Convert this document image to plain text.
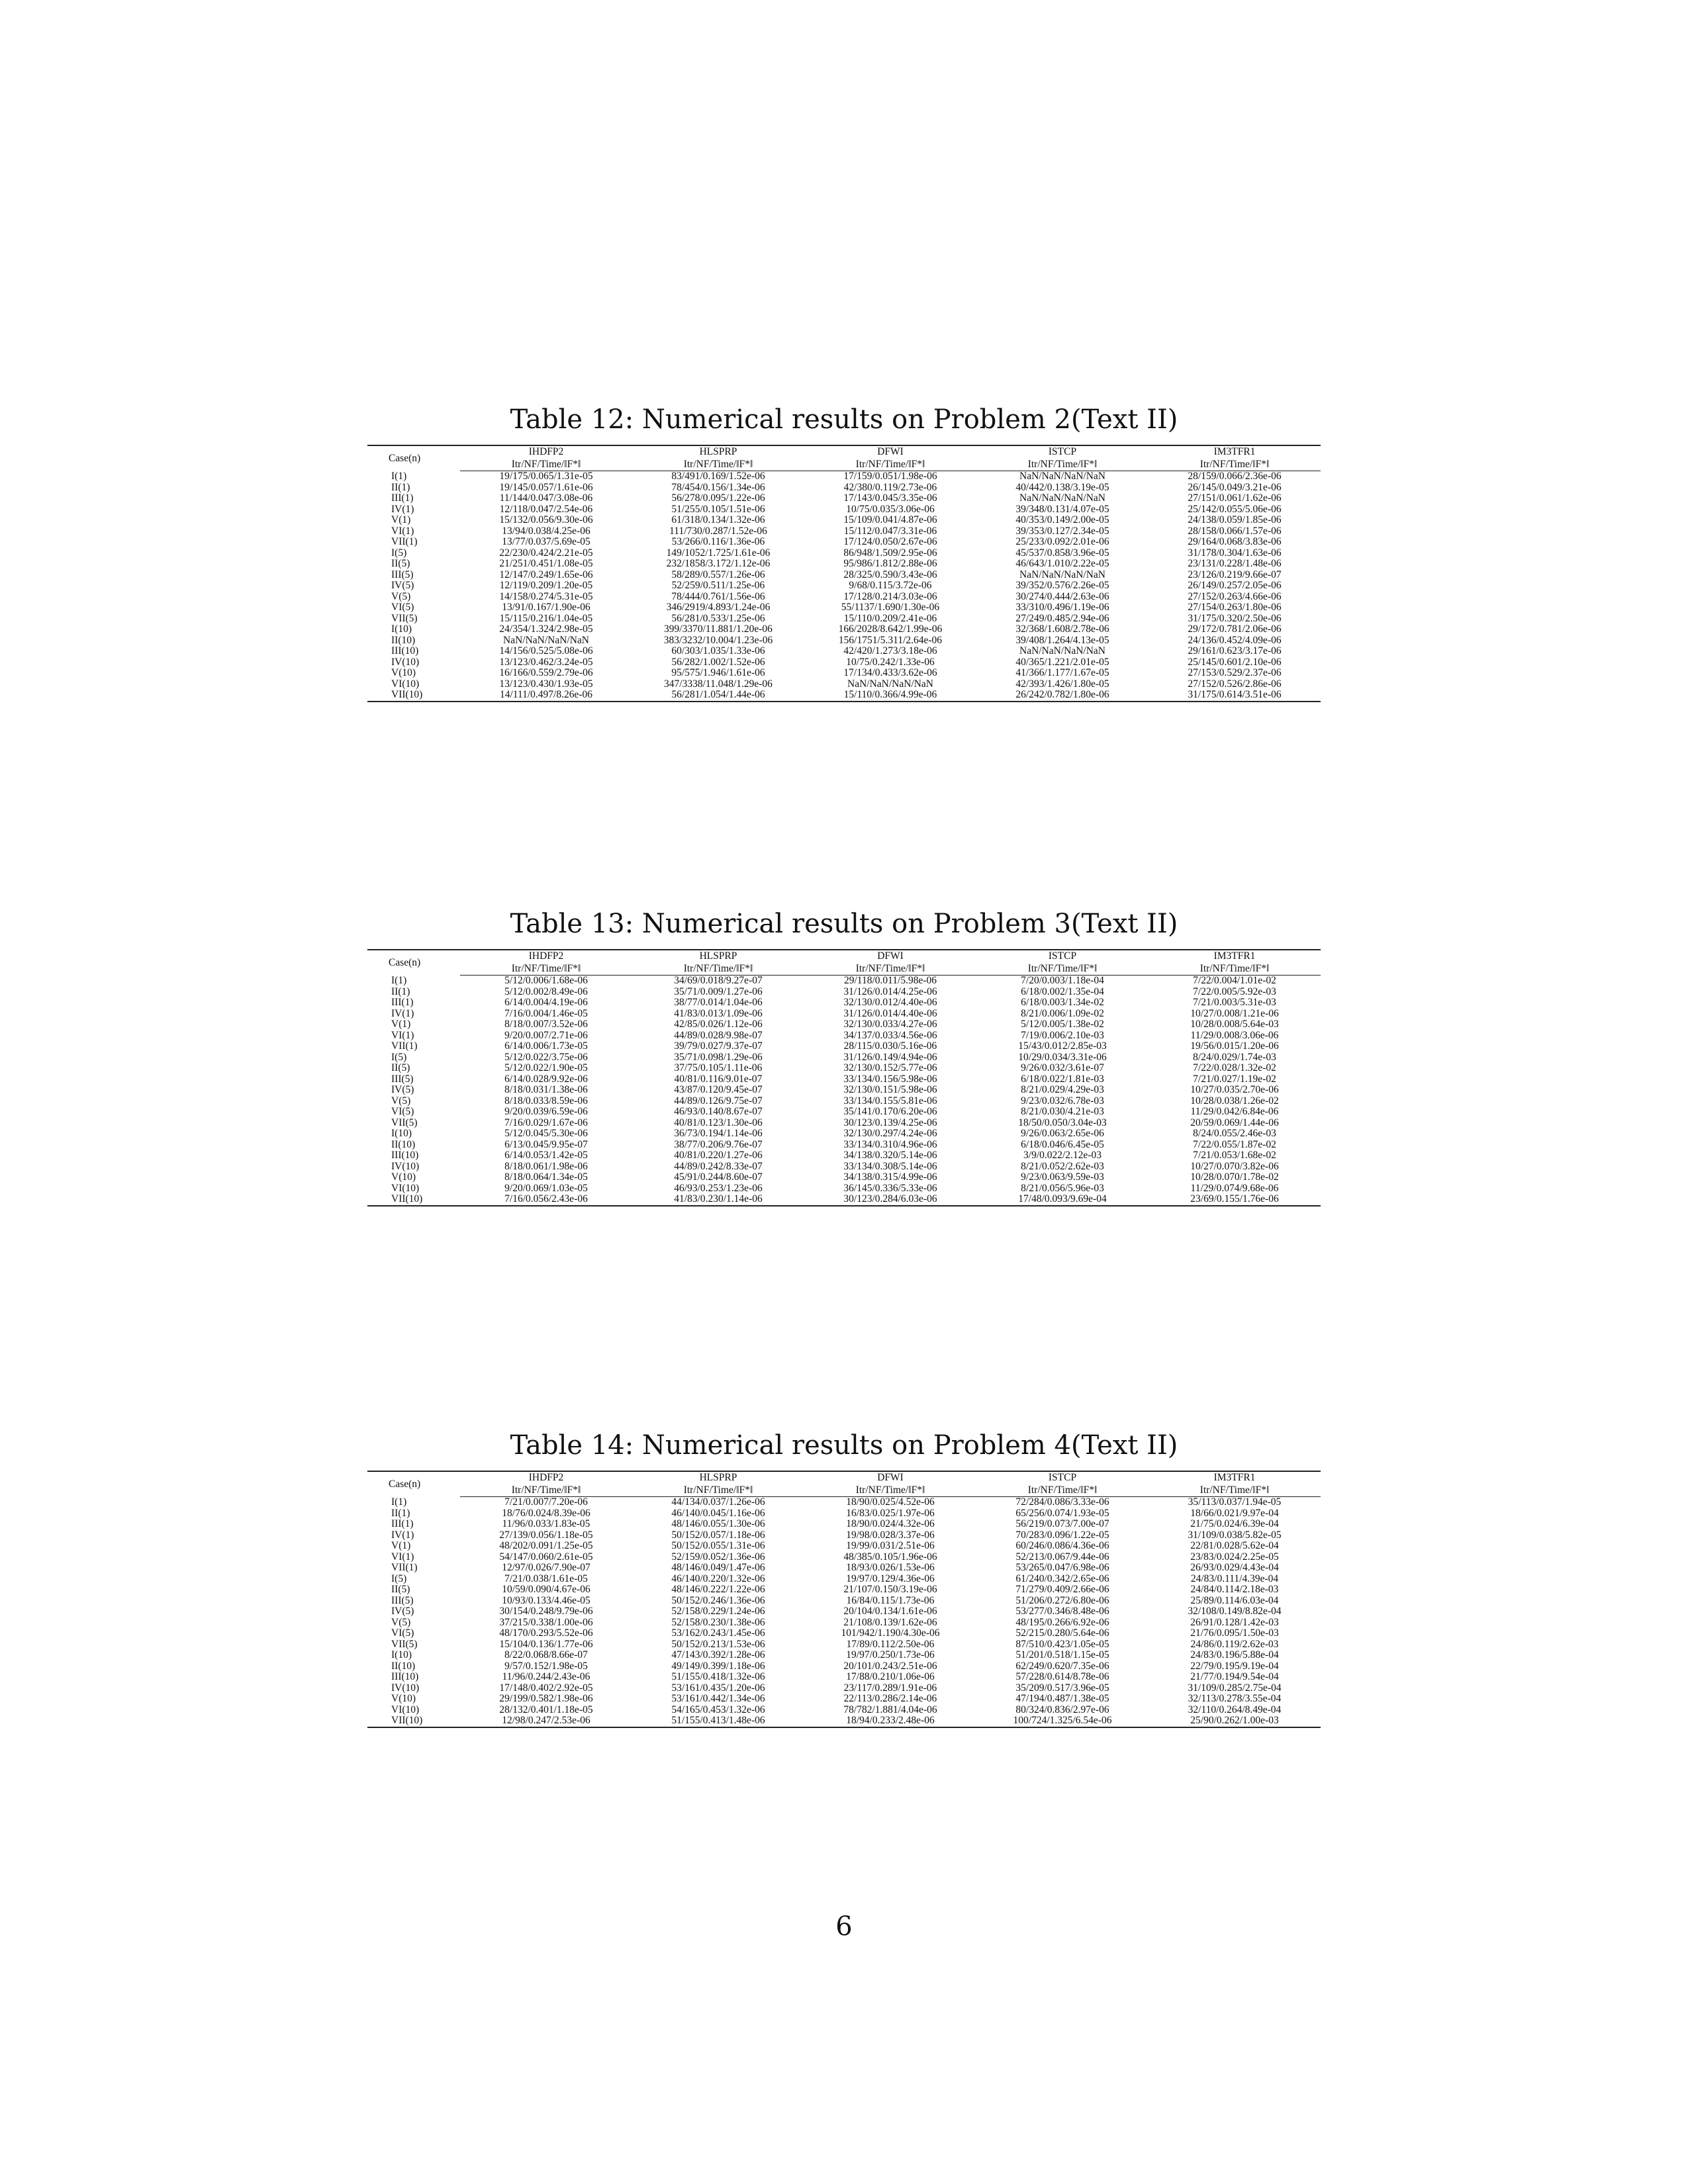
Table 12: Numerical results on Problem 2(Text II)
Case(n)	IHDFP2	HLSPRP	DFWI	ISTCP	IM3TFR1
	Itr/NF/Time/‖F*‖	Itr/NF/Time/‖F*‖	Itr/NF/Time/‖F*‖	Itr/NF/Time/‖F*‖	Itr/NF/Time/‖F*‖
I(1)	19/175/0.065/1.31e-05	83/491/0.169/1.52e-06	17/159/0.051/1.98e-06	NaN/NaN/NaN/NaN	28/159/0.066/2.36e-06
II(1)	19/145/0.057/1.61e-06	78/454/0.156/1.34e-06	42/380/0.119/2.73e-06	40/442/0.138/3.19e-05	26/145/0.049/3.21e-06
III(1)	11/144/0.047/3.08e-06	56/278/0.095/1.22e-06	17/143/0.045/3.35e-06	NaN/NaN/NaN/NaN	27/151/0.061/1.62e-06
IV(1)	12/118/0.047/2.54e-06	51/255/0.105/1.51e-06	10/75/0.035/3.06e-06	39/348/0.131/4.07e-05	25/142/0.055/5.06e-06
V(1)	15/132/0.056/9.30e-06	61/318/0.134/1.32e-06	15/109/0.041/4.87e-06	40/353/0.149/2.00e-05	24/138/0.059/1.85e-06
VI(1)	13/94/0.038/4.25e-06	111/730/0.287/1.52e-06	15/112/0.047/3.31e-06	39/353/0.127/2.34e-05	28/158/0.066/1.57e-06
VII(1)	13/77/0.037/5.69e-05	53/266/0.116/1.36e-06	17/124/0.050/2.67e-06	25/233/0.092/2.01e-06	29/164/0.068/3.83e-06
I(5)	22/230/0.424/2.21e-05	149/1052/1.725/1.61e-06	86/948/1.509/2.95e-06	45/537/0.858/3.96e-05	31/178/0.304/1.63e-06
II(5)	21/251/0.451/1.08e-05	232/1858/3.172/1.12e-06	95/986/1.812/2.88e-06	46/643/1.010/2.22e-05	23/131/0.228/1.48e-06
III(5)	12/147/0.249/1.65e-06	58/289/0.557/1.26e-06	28/325/0.590/3.43e-06	NaN/NaN/NaN/NaN	23/126/0.219/9.66e-07
IV(5)	12/119/0.209/1.20e-05	52/259/0.511/1.25e-06	9/68/0.115/3.72e-06	39/352/0.576/2.26e-05	26/149/0.257/2.05e-06
V(5)	14/158/0.274/5.31e-05	78/444/0.761/1.56e-06	17/128/0.214/3.03e-06	30/274/0.444/2.63e-06	27/152/0.263/4.66e-06
VI(5)	13/91/0.167/1.90e-06	346/2919/4.893/1.24e-06	55/1137/1.690/1.30e-06	33/310/0.496/1.19e-06	27/154/0.263/1.80e-06
VII(5)	15/115/0.216/1.04e-05	56/281/0.533/1.25e-06	15/110/0.209/2.41e-06	27/249/0.485/2.94e-06	31/175/0.320/2.50e-06
I(10)	24/354/1.324/2.98e-05	399/3370/11.881/1.20e-06	166/2028/8.642/1.99e-06	32/368/1.608/2.78e-06	29/172/0.781/2.06e-06
II(10)	NaN/NaN/NaN/NaN	383/3232/10.004/1.23e-06	156/1751/5.311/2.64e-06	39/408/1.264/4.13e-05	24/136/0.452/4.09e-06
III(10)	14/156/0.525/5.08e-06	60/303/1.035/1.33e-06	42/420/1.273/3.18e-06	NaN/NaN/NaN/NaN	29/161/0.623/3.17e-06
IV(10)	13/123/0.462/3.24e-05	56/282/1.002/1.52e-06	10/75/0.242/1.33e-06	40/365/1.221/2.01e-05	25/145/0.601/2.10e-06
V(10)	16/166/0.559/2.79e-06	95/575/1.946/1.61e-06	17/134/0.433/3.62e-06	41/366/1.177/1.67e-05	27/153/0.529/2.37e-06
VI(10)	13/123/0.430/1.93e-05	347/3338/11.048/1.29e-06	NaN/NaN/NaN/NaN	42/393/1.426/1.80e-05	27/152/0.526/2.86e-06
VII(10)	14/111/0.497/8.26e-06	56/281/1.054/1.44e-06	15/110/0.366/4.99e-06	26/242/0.782/1.80e-06	31/175/0.614/3.51e-06
Table 13: Numerical results on Problem 3(Text II)
Case(n)	IHDFP2	HLSPRP	DFWI	ISTCP	IM3TFR1
	Itr/NF/Time/‖F*‖	Itr/NF/Time/‖F*‖	Itr/NF/Time/‖F*‖	Itr/NF/Time/‖F*‖	Itr/NF/Time/‖F*‖
I(1)	5/12/0.006/1.68e-06	34/69/0.018/9.27e-07	29/118/0.011/5.98e-06	7/20/0.003/1.18e-04	7/22/0.004/1.01e-02
II(1)	5/12/0.002/8.49e-06	35/71/0.009/1.27e-06	31/126/0.014/4.25e-06	6/18/0.002/1.35e-04	7/22/0.005/5.92e-03
III(1)	6/14/0.004/4.19e-06	38/77/0.014/1.04e-06	32/130/0.012/4.40e-06	6/18/0.003/1.34e-02	7/21/0.003/5.31e-03
IV(1)	7/16/0.004/1.46e-05	41/83/0.013/1.09e-06	31/126/0.014/4.40e-06	8/21/0.006/1.09e-02	10/27/0.008/1.21e-06
V(1)	8/18/0.007/3.52e-06	42/85/0.026/1.12e-06	32/130/0.033/4.27e-06	5/12/0.005/1.38e-02	10/28/0.008/5.64e-03
VI(1)	9/20/0.007/2.71e-06	44/89/0.028/9.98e-07	34/137/0.033/4.56e-06	7/19/0.006/2.10e-03	11/29/0.008/3.06e-06
VII(1)	6/14/0.006/1.73e-05	39/79/0.027/9.37e-07	28/115/0.030/5.16e-06	15/43/0.012/2.85e-03	19/56/0.015/1.20e-06
I(5)	5/12/0.022/3.75e-06	35/71/0.098/1.29e-06	31/126/0.149/4.94e-06	10/29/0.034/3.31e-06	8/24/0.029/1.74e-03
II(5)	5/12/0.022/1.90e-05	37/75/0.105/1.11e-06	32/130/0.152/5.77e-06	9/26/0.032/3.61e-07	7/22/0.028/1.32e-02
III(5)	6/14/0.028/9.92e-06	40/81/0.116/9.01e-07	33/134/0.156/5.98e-06	6/18/0.022/1.81e-03	7/21/0.027/1.19e-02
IV(5)	8/18/0.031/1.38e-06	43/87/0.120/9.45e-07	32/130/0.151/5.98e-06	8/21/0.029/4.29e-03	10/27/0.035/2.70e-06
V(5)	8/18/0.033/8.59e-06	44/89/0.126/9.75e-07	33/134/0.155/5.81e-06	9/23/0.032/6.78e-03	10/28/0.038/1.26e-02
VI(5)	9/20/0.039/6.59e-06	46/93/0.140/8.67e-07	35/141/0.170/6.20e-06	8/21/0.030/4.21e-03	11/29/0.042/6.84e-06
VII(5)	7/16/0.029/1.67e-06	40/81/0.123/1.30e-06	30/123/0.139/4.25e-06	18/50/0.050/3.04e-03	20/59/0.069/1.44e-06
I(10)	5/12/0.045/5.30e-06	36/73/0.194/1.14e-06	32/130/0.297/4.24e-06	9/26/0.063/2.65e-06	8/24/0.055/2.46e-03
II(10)	6/13/0.045/9.95e-07	38/77/0.206/9.76e-07	33/134/0.310/4.96e-06	6/18/0.046/6.45e-05	7/22/0.055/1.87e-02
III(10)	6/14/0.053/1.42e-05	40/81/0.220/1.27e-06	34/138/0.320/5.14e-06	3/9/0.022/2.12e-03	7/21/0.053/1.68e-02
IV(10)	8/18/0.061/1.98e-06	44/89/0.242/8.33e-07	33/134/0.308/5.14e-06	8/21/0.052/2.62e-03	10/27/0.070/3.82e-06
V(10)	8/18/0.064/1.34e-05	45/91/0.244/8.60e-07	34/138/0.315/4.99e-06	9/23/0.063/9.59e-03	10/28/0.070/1.78e-02
VI(10)	9/20/0.069/1.03e-05	46/93/0.253/1.23e-06	36/145/0.336/5.33e-06	8/21/0.056/5.96e-03	11/29/0.074/9.68e-06
VII(10)	7/16/0.056/2.43e-06	41/83/0.230/1.14e-06	30/123/0.284/6.03e-06	17/48/0.093/9.69e-04	23/69/0.155/1.76e-06
Table 14: Numerical results on Problem 4(Text II)
Case(n)	IHDFP2	HLSPRP	DFWI	ISTCP	IM3TFR1
	Itr/NF/Time/‖F*‖	Itr/NF/Time/‖F*‖	Itr/NF/Time/‖F*‖	Itr/NF/Time/‖F*‖	Itr/NF/Time/‖F*‖
I(1)	7/21/0.007/7.20e-06	44/134/0.037/1.26e-06	18/90/0.025/4.52e-06	72/284/0.086/3.33e-06	35/113/0.037/1.94e-05
II(1)	18/76/0.024/8.39e-06	46/140/0.045/1.16e-06	16/83/0.025/1.97e-06	65/256/0.074/1.93e-05	18/66/0.021/9.97e-04
III(1)	11/96/0.033/1.83e-05	48/146/0.055/1.30e-06	18/90/0.024/4.32e-06	56/219/0.073/7.00e-07	21/75/0.024/6.39e-04
IV(1)	27/139/0.056/1.18e-05	50/152/0.057/1.18e-06	19/98/0.028/3.37e-06	70/283/0.096/1.22e-05	31/109/0.038/5.82e-05
V(1)	48/202/0.091/1.25e-05	50/152/0.055/1.31e-06	19/99/0.031/2.51e-06	60/246/0.086/4.36e-06	22/81/0.028/5.62e-04
VI(1)	54/147/0.060/2.61e-05	52/159/0.052/1.36e-06	48/385/0.105/1.96e-06	52/213/0.067/9.44e-06	23/83/0.024/2.25e-05
VII(1)	12/97/0.026/7.90e-07	48/146/0.049/1.47e-06	18/93/0.026/1.53e-06	53/265/0.047/6.98e-06	26/93/0.029/4.43e-04
I(5)	7/21/0.038/1.61e-05	46/140/0.220/1.32e-06	19/97/0.129/4.36e-06	61/240/0.342/2.65e-06	24/83/0.111/4.39e-04
II(5)	10/59/0.090/4.67e-06	48/146/0.222/1.22e-06	21/107/0.150/3.19e-06	71/279/0.409/2.66e-06	24/84/0.114/2.18e-03
III(5)	10/93/0.133/4.46e-05	50/152/0.246/1.36e-06	16/84/0.115/1.73e-06	51/206/0.272/6.80e-06	25/89/0.114/6.03e-04
IV(5)	30/154/0.248/9.79e-06	52/158/0.229/1.24e-06	20/104/0.134/1.61e-06	53/277/0.346/8.48e-06	32/108/0.149/8.82e-04
V(5)	37/215/0.338/1.00e-06	52/158/0.230/1.38e-06	21/108/0.139/1.62e-06	48/195/0.266/6.92e-06	26/91/0.128/1.42e-03
VI(5)	48/170/0.293/5.52e-06	53/162/0.243/1.45e-06	101/942/1.190/4.30e-06	52/215/0.280/5.64e-06	21/76/0.095/1.50e-03
VII(5)	15/104/0.136/1.77e-06	50/152/0.213/1.53e-06	17/89/0.112/2.50e-06	87/510/0.423/1.05e-05	24/86/0.119/2.62e-03
I(10)	8/22/0.068/8.66e-07	47/143/0.392/1.28e-06	19/97/0.250/1.73e-06	51/201/0.518/1.15e-05	24/83/0.196/5.88e-04
II(10)	9/57/0.152/1.98e-05	49/149/0.399/1.18e-06	20/101/0.243/2.51e-06	62/249/0.620/7.35e-06	22/79/0.195/9.19e-04
III(10)	11/96/0.244/2.43e-06	51/155/0.418/1.32e-06	17/88/0.210/1.06e-06	57/228/0.614/8.78e-06	21/77/0.194/9.54e-04
IV(10)	17/148/0.402/2.92e-05	53/161/0.435/1.20e-06	23/117/0.289/1.91e-06	35/209/0.517/3.96e-05	31/109/0.285/2.75e-04
V(10)	29/199/0.582/1.98e-06	53/161/0.442/1.34e-06	22/113/0.286/2.14e-06	47/194/0.487/1.38e-05	32/113/0.278/3.55e-04
VI(10)	28/132/0.401/1.18e-05	54/165/0.453/1.32e-06	78/782/1.881/4.04e-06	80/324/0.836/2.97e-06	32/110/0.264/8.49e-04
VII(10)	12/98/0.247/2.53e-06	51/155/0.413/1.48e-06	18/94/0.233/2.48e-06	100/724/1.325/6.54e-06	25/90/0.262/1.00e-03
6
